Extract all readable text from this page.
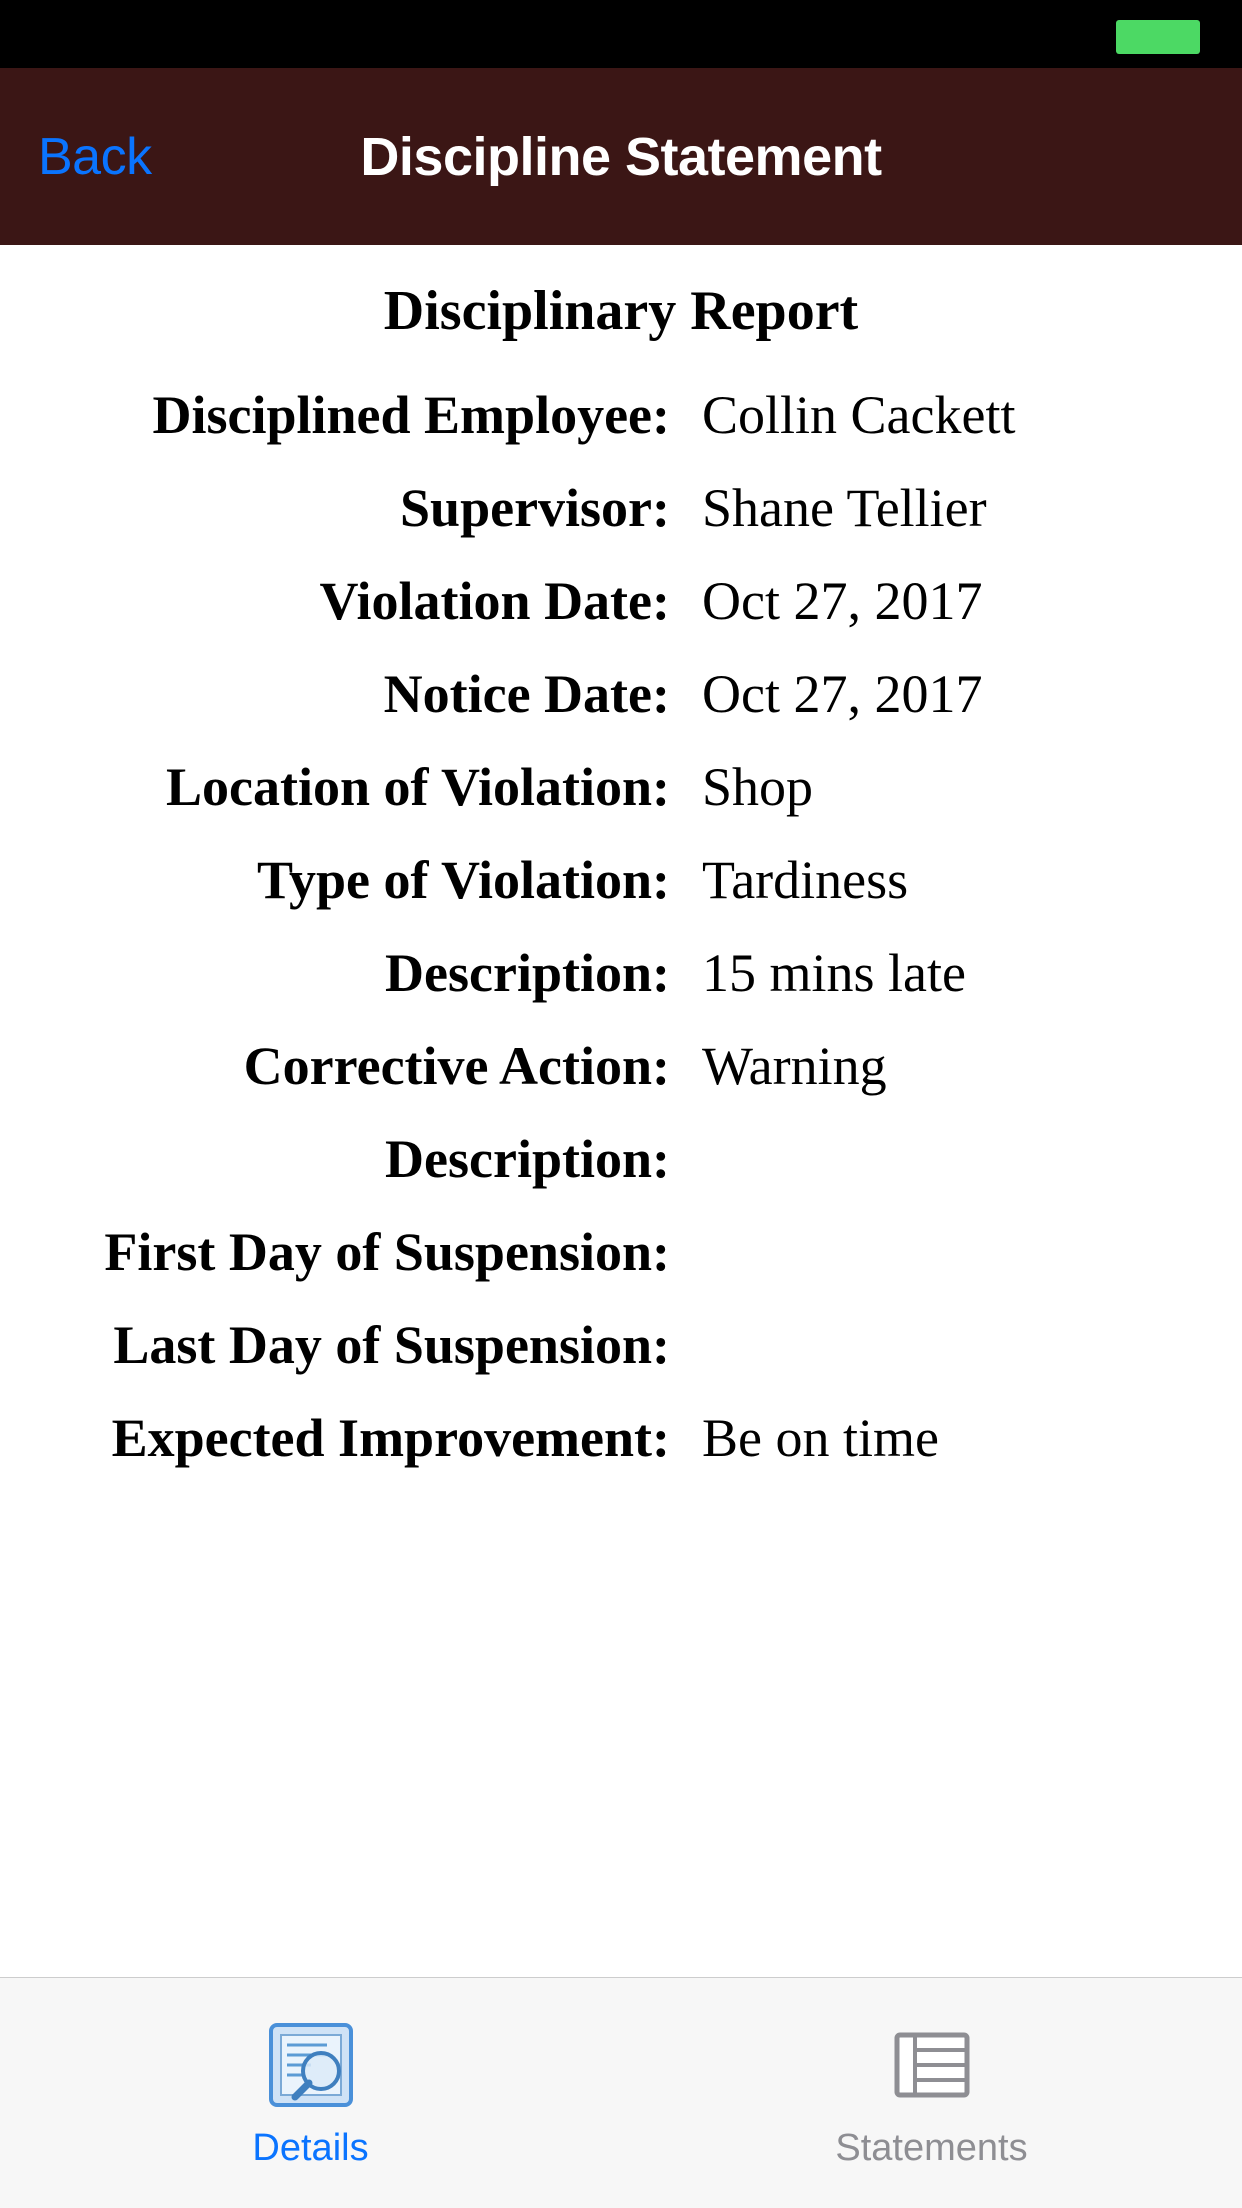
Back	Discipline Statement
Disciplinary Report
Disciplined Employee:	Collin Cackett
Supervisor:	Shane Tellier
Violation Date:	Oct 27, 2017
Notice Date:	Oct 27, 2017
Location of Violation:	Shop
Type of Violation:	Tardiness
Description:	15 mins late
Corrective Action:	Warning
Description:	
First Day of Suspension:	
Last Day of Suspension:	
Expected Improvement:	Be on time
Details	Statements
